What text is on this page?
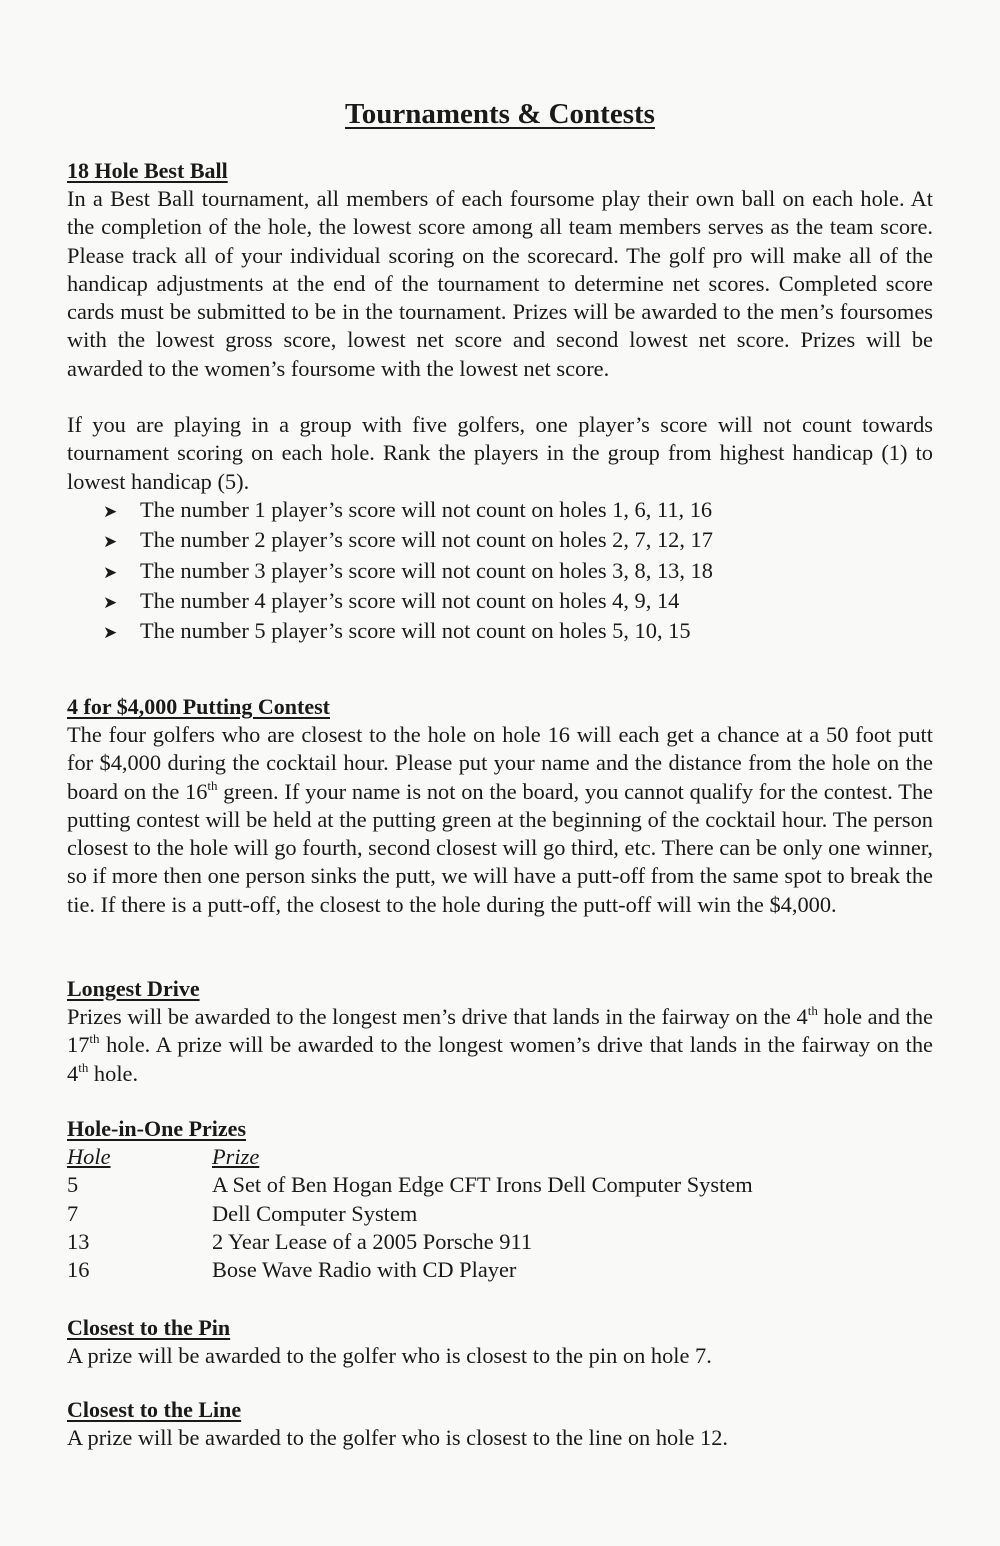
Tournaments & Contests
18 Hole Best Ball

In a Best Ball tournament, all members of each foursome play their own ball on each hole. At the completion of the hole, the lowest score among all team members serves as the team score. Please track all of your individual scoring on the scorecard. The golf pro will make all of the handicap adjustments at the end of the tournament to determine net scores. Completed score cards must be submitted to be in the tournament. Prizes will be awarded to the men’s foursomes with the lowest gross score, lowest net score and second lowest net score. Prizes will be awarded to the women’s foursome with the lowest net score.

If you are playing in a group with five golfers, one player’s score will not count towards tournament scoring on each hole. Rank the players in the group from highest handicap (1) to lowest handicap (5).

➤	The number 1 player’s score will not count on holes 1, 6, 11, 16
➤	The number 2 player’s score will not count on holes 2, 7, 12, 17
➤	The number 3 player’s score will not count on holes 3, 8, 13, 18
➤	The number 4 player’s score will not count on holes 4, 9, 14
➤	The number 5 player’s score will not count on holes 5, 10, 15
4 for $4,000 Putting Contest

The four golfers who are closest to the hole on hole 16 will each get a chance at a 50 foot putt for $4,000 during the cocktail hour. Please put your name and the distance from the hole on the board on the 16th green. If your name is not on the board, you cannot qualify for the contest. The putting contest will be held at the putting green at the beginning of the cocktail hour. The person closest to the hole will go fourth, second closest will go third, etc. There can be only one winner, so if more then one person sinks the putt, we will have a putt-off from the same spot to break the tie. If there is a putt-off, the closest to the hole during the putt-off will win the $4,000.

Longest Drive

Prizes will be awarded to the longest men’s drive that lands in the fairway on the 4th hole and the 17th hole. A prize will be awarded to the longest women’s drive that lands in the fairway on the 4th hole.

Hole-in-One Prizes
Hole	Prize
5	A Set of Ben Hogan Edge CFT Irons Dell Computer System
7	Dell Computer System
13	2 Year Lease of a 2005 Porsche 911
16	Bose Wave Radio with CD Player
Closest to the Pin

A prize will be awarded to the golfer who is closest to the pin on hole 7.

Closest to the Line

A prize will be awarded to the golfer who is closest to the line on hole 12.
